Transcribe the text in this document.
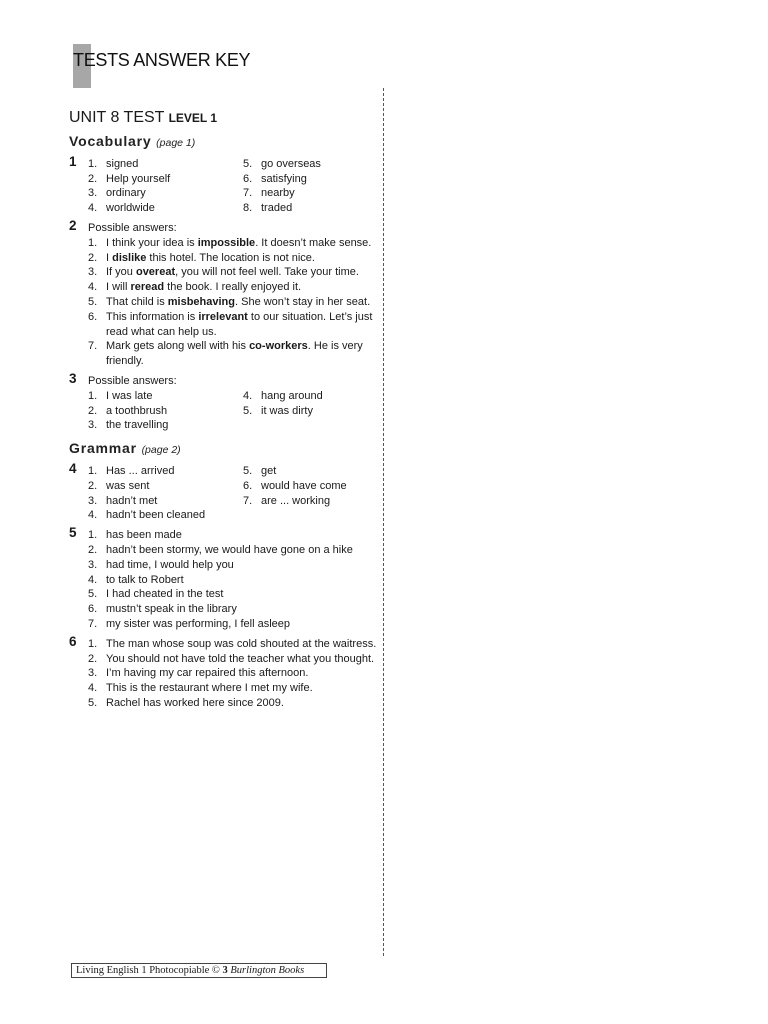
TESTS ANSWER KEY
UNIT 8 TEST LEVEL 1
Vocabulary (page 1)
1 1. signed
2. Help yourself
3. ordinary
4. worldwide
5. go overseas
6. satisfying
7. nearby
8. traded
2 Possible answers:

1. I think your idea is impossible. It doesn’t make sense.
2. I dislike this hotel. The location is not nice.
3. If you overeat, you will not feel well. Take your time.
4. I will reread the book. I really enjoyed it.
5. That child is misbehaving. She won’t stay in her seat.
6. This information is irrelevant to our situation. Let’s just read what can help us.
7. Mark gets along well with his co-workers. He is very friendly.
3 Possible answers:

1. I was late
2. a toothbrush
3. the travelling
4. hang around
5. it was dirty
Grammar (page 2)
4 1. Has ... arrived
2. was sent
3. hadn’t met
4. hadn’t been cleaned
5. get
6. would have come
7. are ... working
5 1. has been made
2. hadn’t been stormy, we would have gone on a hike
3. had time, I would help you
4. to talk to Robert
5. I had cheated in the test
6. mustn’t speak in the library
7. my sister was performing, I fell asleep
6 1. The man whose soup was cold shouted at the waitress.
2. You should not have told the teacher what you thought.
3. I’m having my car repaired this afternoon.
4. This is the restaurant where I met my wife.
5. Rachel has worked here since 2009.
Living English 1 Photocopiable © 3 Burlington Books
